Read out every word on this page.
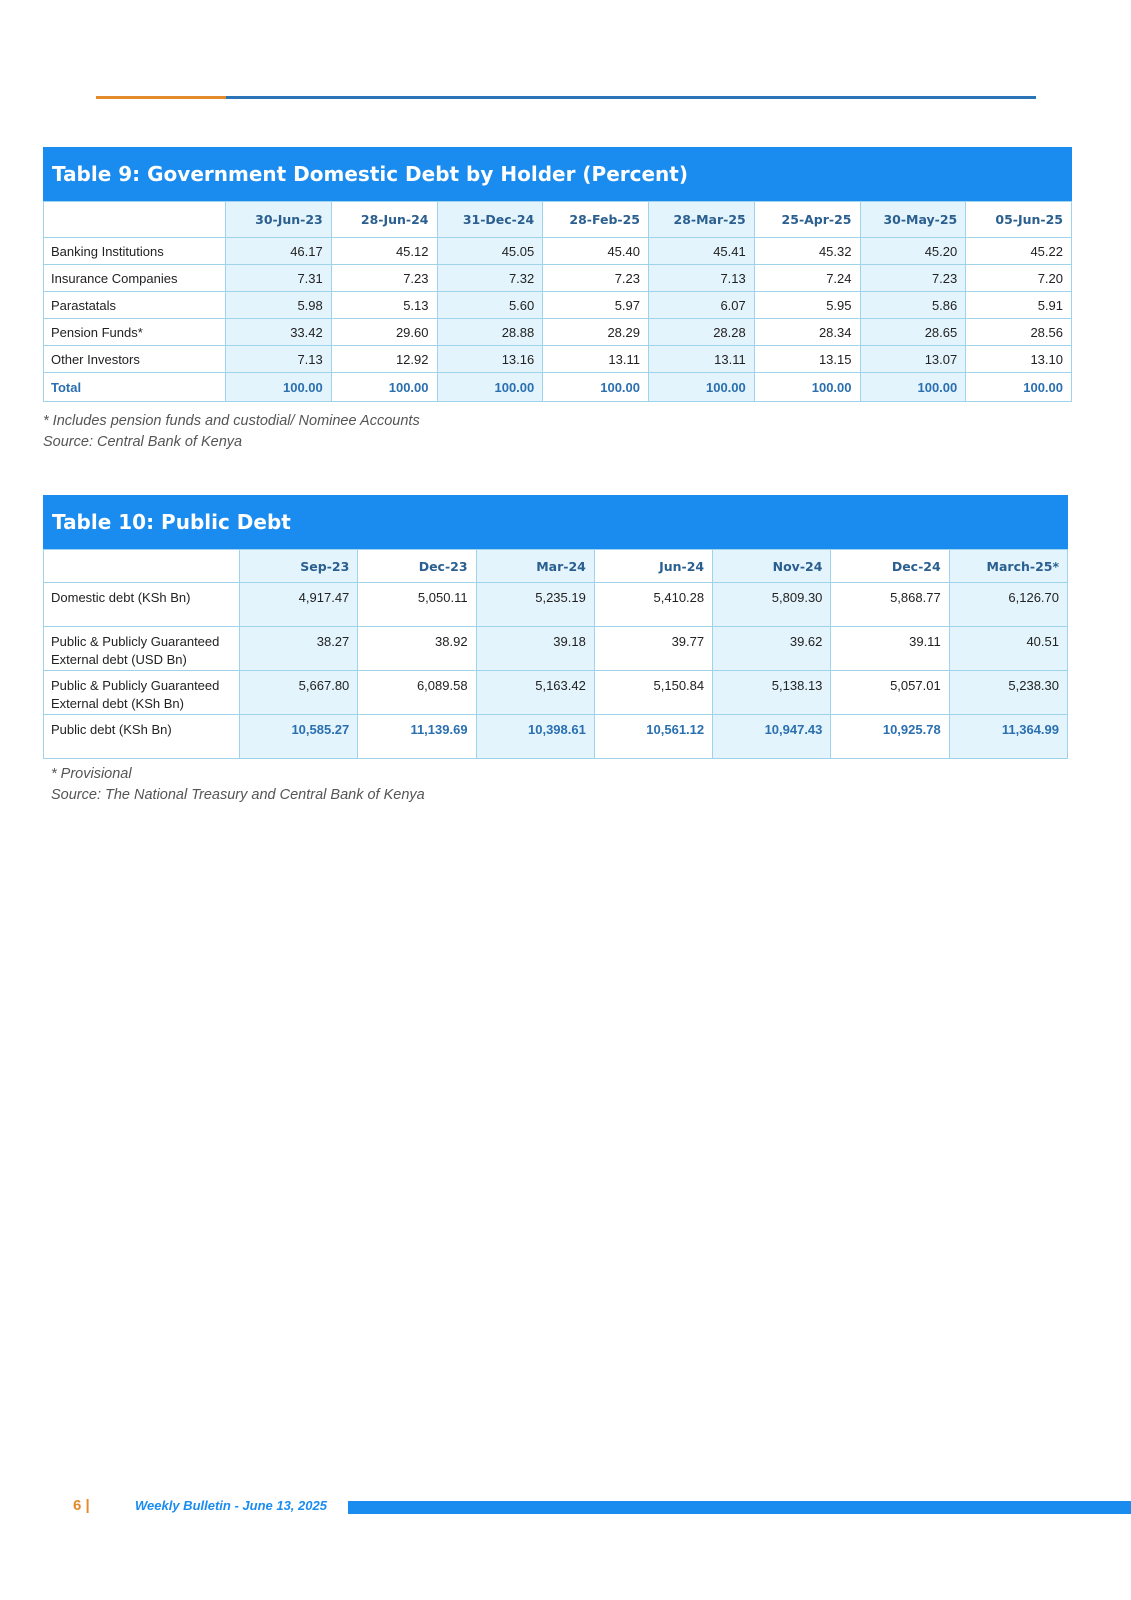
Table 9: Government Domestic Debt by Holder (Percent)
	30-Jun-23	28-Jun-24	31-Dec-24	28-Feb-25	28-Mar-25	25-Apr-25	30-May-25	05-Jun-25
Banking Institutions	46.17	45.12	45.05	45.40	45.41	45.32	45.20	45.22
Insurance Companies	7.31	7.23	7.32	7.23	7.13	7.24	7.23	7.20
Parastatals	5.98	5.13	5.60	5.97	6.07	5.95	5.86	5.91
Pension Funds*	33.42	29.60	28.88	28.29	28.28	28.34	28.65	28.56
Other Investors	7.13	12.92	13.16	13.11	13.11	13.15	13.07	13.10
Total	100.00	100.00	100.00	100.00	100.00	100.00	100.00	100.00
* Includes pension funds and custodial/ Nominee Accounts
Source: Central Bank of Kenya
Table 10: Public Debt
	Sep-23	Dec-23	Mar-24	Jun-24	Nov-24	Dec-24	March-25*

Domestic debt (KSh Bn)	4,917.47	5,050.11	5,235.19	5,410.28	5,809.30	5,868.77	6,126.70

Public & Publicly Guaranteed
External debt (USD Bn)	38.27	38.92	39.18	39.77	39.62	39.11	40.51

Public & Publicly Guaranteed
External debt (KSh Bn)	5,667.80	6,089.58	5,163.42	5,150.84	5,138.13	5,057.01	5,238.30

Public debt (KSh Bn)	10,585.27	11,139.69	10,398.61	10,561.12	10,947.43	10,925.78	11,364.99
* Provisional
Source: The National Treasury and Central Bank of Kenya
6 |	Weekly Bulletin - June 13, 2025
